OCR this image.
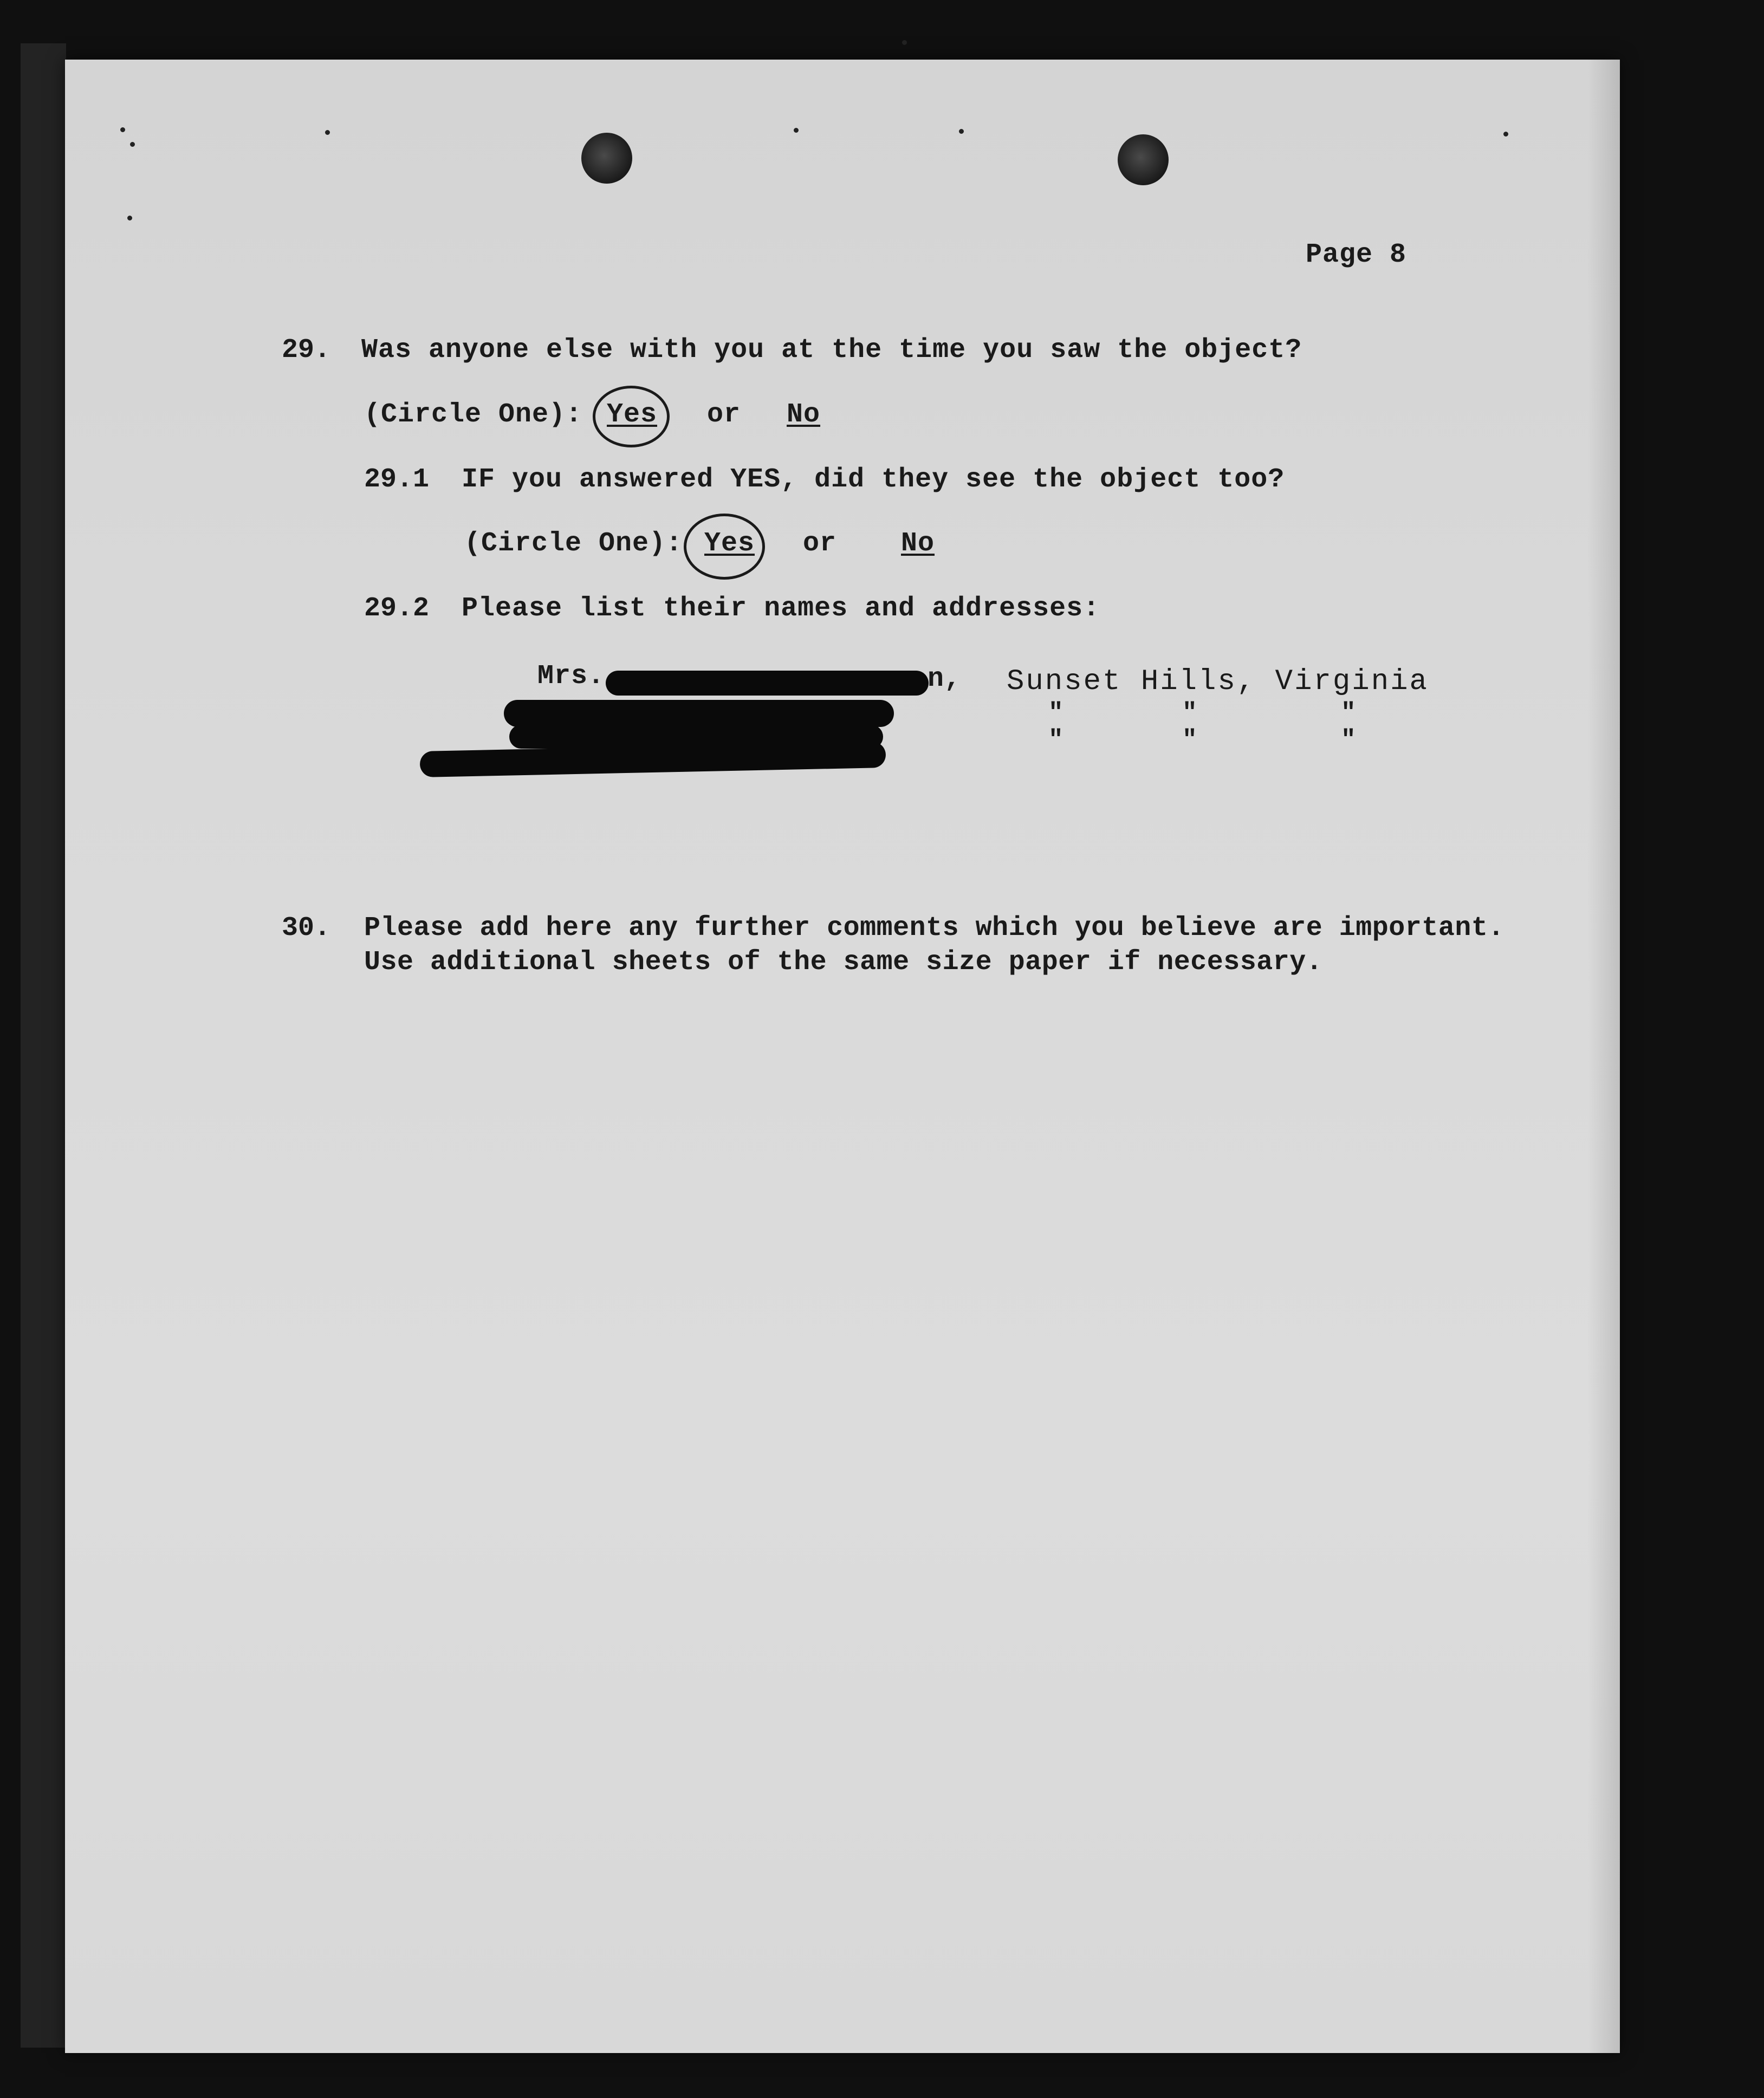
Page 8
29. Was anyone else with you at the time you saw the object?
(Circle One): Yes or No
29.1 IF you answered YES, did they see the object too?
(Circle One): Yes or No
29.2 Please list their names and addresses:
Mrs.	n, Sunset Hills, Virginia
"	"	"
"	"	"
30. Please add here any further comments which you believe are important.
Use additional sheets of the same size paper if necessary.
